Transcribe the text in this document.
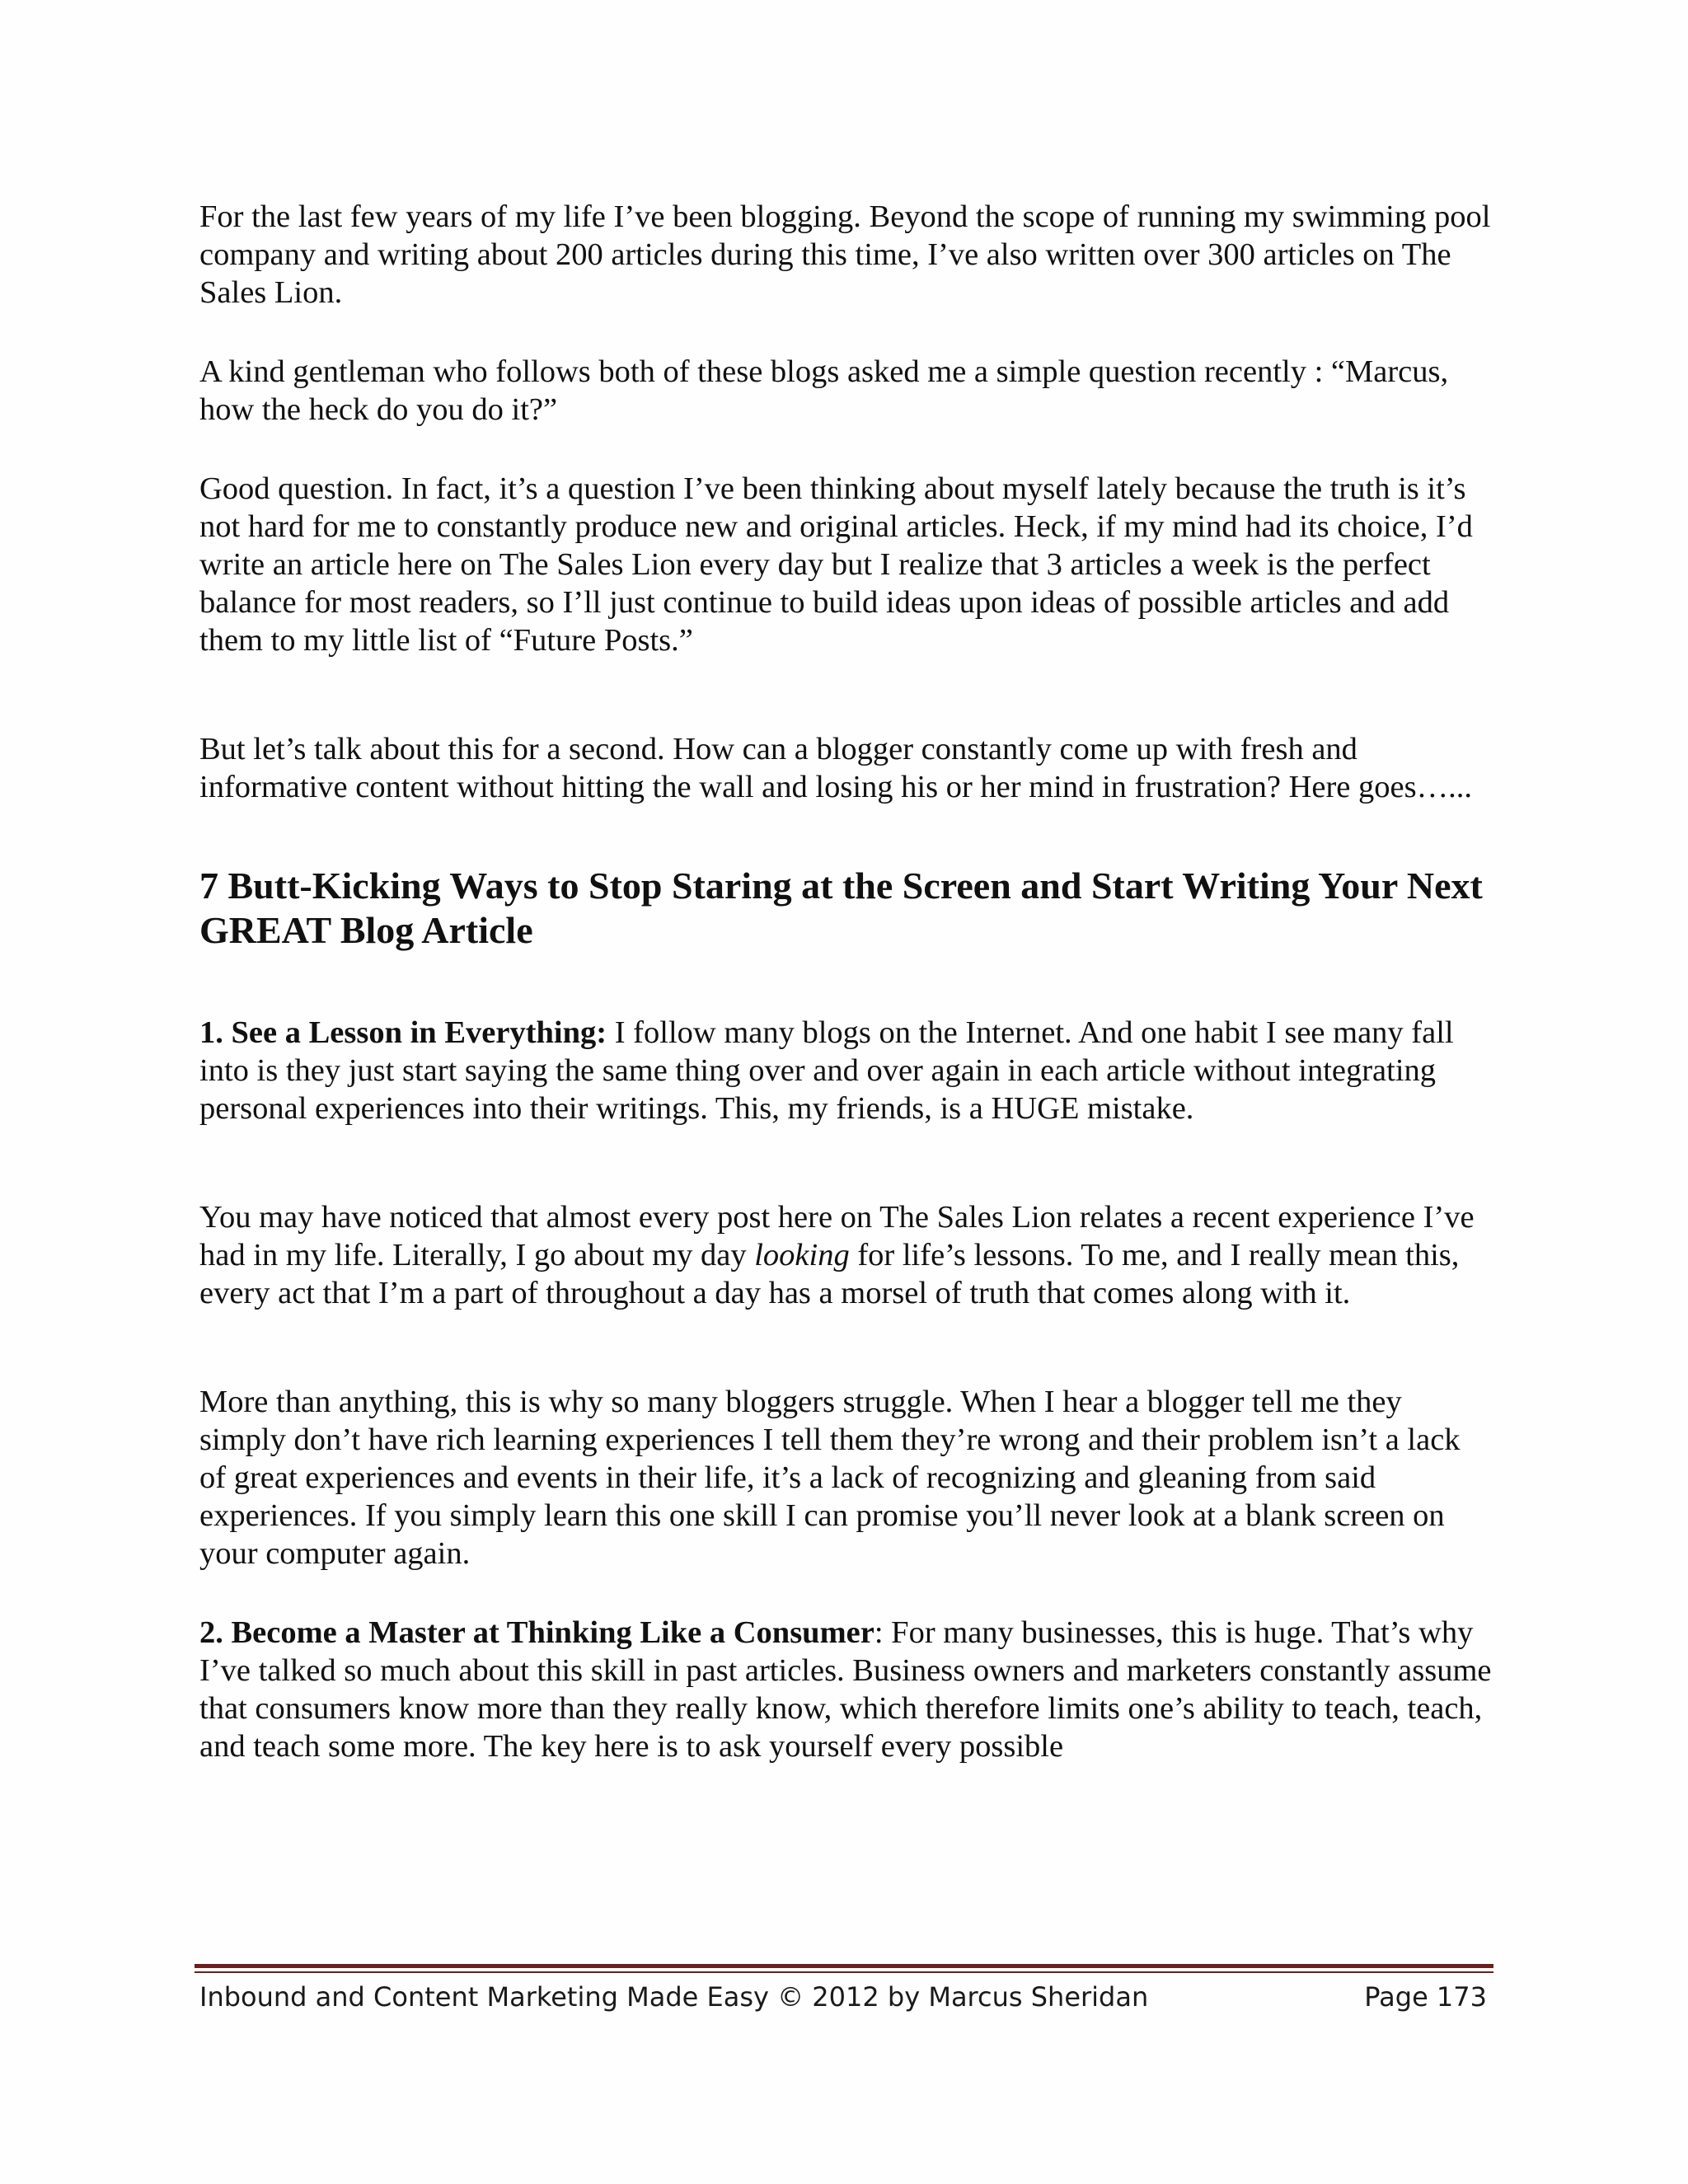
For the last few years of my life I’ve been blogging. Beyond the scope of running my swimming pool company and writing about 200 articles during this time, I’ve also written over 300 articles on The Sales Lion.

A kind gentleman who follows both of these blogs asked me a simple question recently : “Marcus, how the heck do you do it?”

Good question. In fact, it’s a question I’ve been thinking about myself lately because the truth is it’s not hard for me to constantly produce new and original articles. Heck, if my mind had its choice, I’d write an article here on The Sales Lion every day but I realize that 3 articles a week is the perfect balance for most readers, so I’ll just continue to build ideas upon ideas of possible articles and add them to my little list of “Future Posts.”

But let’s talk about this for a second. How can a blogger constantly come up with fresh and informative content without hitting the wall and losing his or her mind in frustration? Here goes…...

7 Butt-Kicking Ways to Stop Staring at the Screen and Start Writing Your Next GREAT Blog Article

1. See a Lesson in Everything: I follow many blogs on the Internet. And one habit I see many fall into is they just start saying the same thing over and over again in each article without integrating personal experiences into their writings. This, my friends, is a HUGE mistake.

You may have noticed that almost every post here on The Sales Lion relates a recent experience I’ve had in my life. Literally, I go about my day looking for life’s lessons. To me, and I really mean this, every act that I’m a part of throughout a day has a morsel of truth that comes along with it.

More than anything, this is why so many bloggers struggle. When I hear a blogger tell me they simply don’t have rich learning experiences I tell them they’re wrong and their problem isn’t a lack of great experiences and events in their life, it’s a lack of recognizing and gleaning from said experiences. If you simply learn this one skill I can promise you’ll never look at a blank screen on your computer again.

2. Become a Master at Thinking Like a Consumer: For many businesses, this is huge. That’s why I’ve talked so much about this skill in past articles. Business owners and marketers constantly assume that consumers know more than they really know, which therefore limits one’s ability to teach, teach, and teach some more. The key here is to ask yourself every possible

Inbound and Content Marketing Made Easy © 2012 by Marcus Sheridan	Page 173
